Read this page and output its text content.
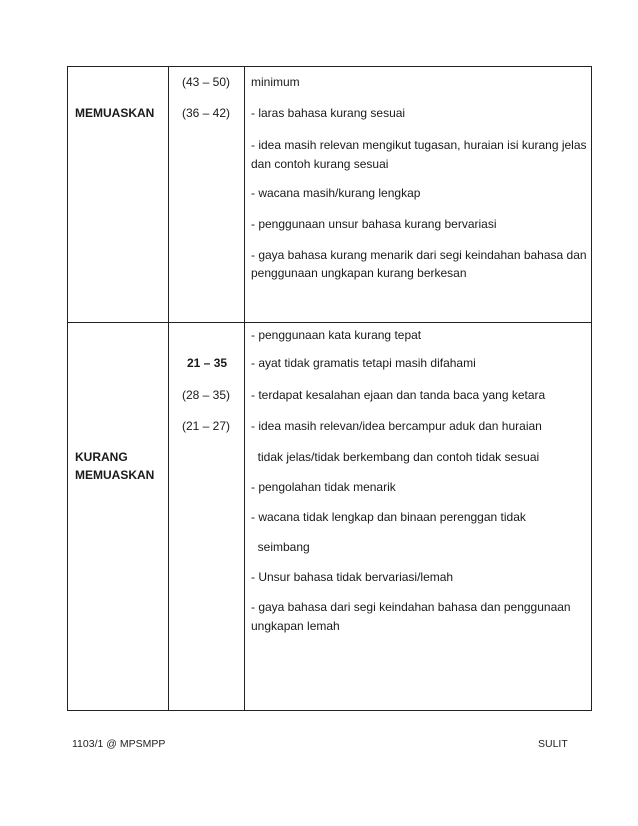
MEMUASKAN
(43 – 50)
(36 – 42)
minimum
- laras bahasa kurang sesuai
- idea masih relevan mengikut tugasan, huraian isi kurang jelas
dan contoh kurang sesuai
- wacana masih/kurang lengkap
- penggunaan unsur bahasa kurang bervariasi
- gaya bahasa kurang menarik dari segi keindahan bahasa dan
penggunaan ungkapan kurang berkesan
KURANG
MEMUASKAN
21 – 35
(28 – 35)
(21 – 27)
- penggunaan kata kurang tepat
- ayat tidak gramatis tetapi masih difahami
- terdapat kesalahan ejaan dan tanda baca yang ketara
- idea masih relevan/idea bercampur aduk dan huraian
tidak jelas/tidak berkembang dan contoh tidak sesuai
- pengolahan tidak menarik
- wacana tidak lengkap dan binaan perenggan tidak
seimbang
- Unsur bahasa tidak bervariasi/lemah
- gaya bahasa dari segi keindahan bahasa dan penggunaan
ungkapan lemah
1103/1 @ MPSMPP	SULIT
